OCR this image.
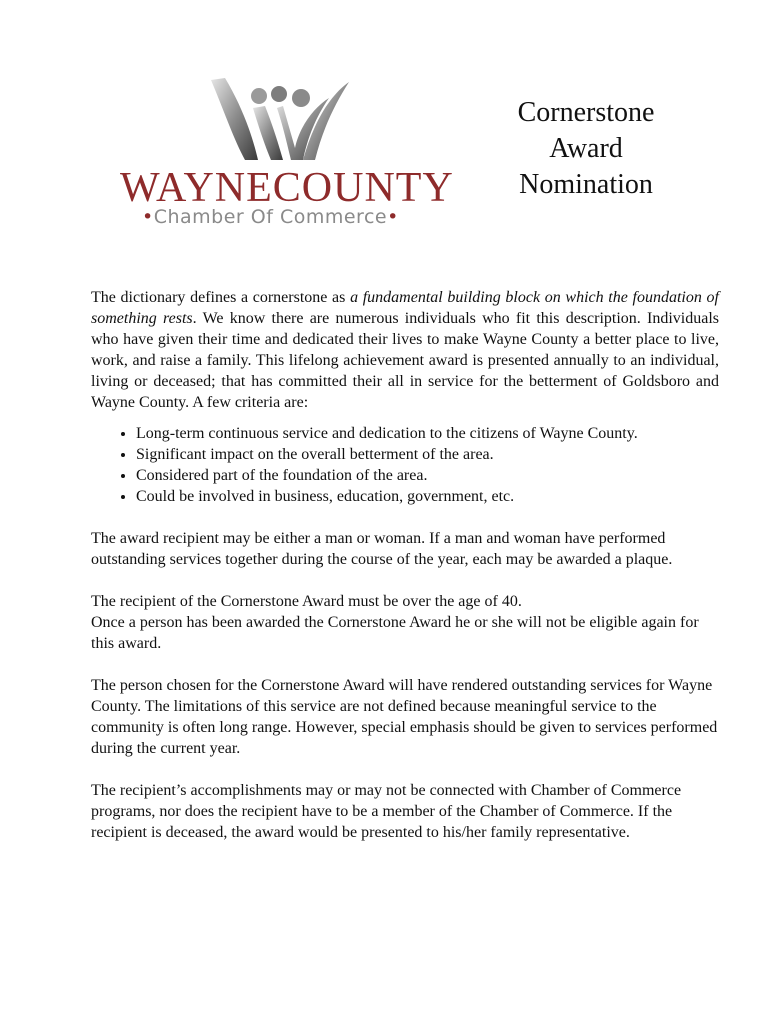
WAYNECOUNTY
•Chamber Of Commerce•
Cornerstone
Award
Nomination

The dictionary defines a cornerstone as a fundamental building block on which the foundation of something rests. We know there are numerous individuals who fit this description. Individuals who have given their time and dedicated their lives to make Wayne County a better place to live, work, and raise a family. This lifelong achievement award is presented annually to an individual, living or deceased; that has committed their all in service for the betterment of Goldsboro and Wayne County. A few criteria are:

• Long-term continuous service and dedication to the citizens of Wayne County.
• Significant impact on the overall betterment of the area.
• Considered part of the foundation of the area.
• Could be involved in business, education, government, etc.

The award recipient may be either a man or woman. If a man and woman have performed outstanding services together during the course of the year, each may be awarded a plaque.

The recipient of the Cornerstone Award must be over the age of 40.

Once a person has been awarded the Cornerstone Award he or she will not be eligible again for this award.

The person chosen for the Cornerstone Award will have rendered outstanding services for Wayne County. The limitations of this service are not defined because meaningful service to the community is often long range. However, special emphasis should be given to services performed during the current year.

The recipient’s accomplishments may or may not be connected with Chamber of Commerce programs, nor does the recipient have to be a member of the Chamber of Commerce. If the recipient is deceased, the award would be presented to his/her family representative.
